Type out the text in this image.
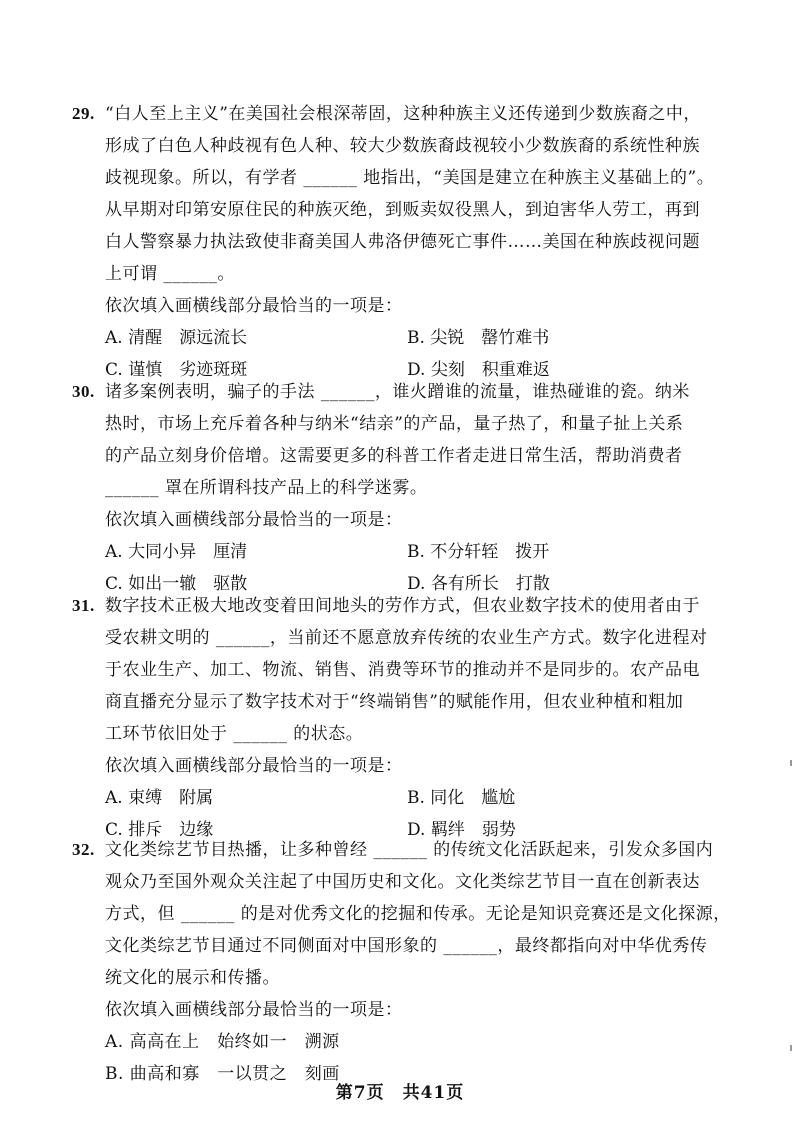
29. “白人至上主义”在美国社会根深蒂固，这种种族主义还传递到少数族裔之中，
形成了白色人种歧视有色人种、较大少数族裔歧视较小少数族裔的系统性种族
歧视现象。所以，有学者 ______ 地指出，“美国是建立在种族主义基础上的”。
从早期对印第安原住民的种族灭绝，到贩卖奴役黑人，到迫害华人劳工，再到
白人警察暴力执法致使非裔美国人弗洛伊德死亡事件……美国在种族歧视问题
上可谓 ______。
依次填入画横线部分最恰当的一项是：
A. 清醒　源远流长	B. 尖锐　罄竹难书
C. 谨慎　劣迹斑斑	D. 尖刻　积重难返
30. 诸多案例表明，骗子的手法 ______，谁火蹭谁的流量，谁热碰谁的瓷。纳米
热时，市场上充斥着各种与纳米“结亲”的产品，量子热了，和量子扯上关系
的产品立刻身价倍增。这需要更多的科普工作者走进日常生活，帮助消费者
______ 罩在所谓科技产品上的科学迷雾。
依次填入画横线部分最恰当的一项是：
A. 大同小异　厘清	B. 不分轩轾　拨开
C. 如出一辙　驱散	D. 各有所长　打散
31. 数字技术正极大地改变着田间地头的劳作方式，但农业数字技术的使用者由于
受农耕文明的 ______，当前还不愿意放弃传统的农业生产方式。数字化进程对
于农业生产、加工、物流、销售、消费等环节的推动并不是同步的。农产品电
商直播充分显示了数字技术对于“终端销售”的赋能作用，但农业种植和粗加
工环节依旧处于 ______ 的状态。
依次填入画横线部分最恰当的一项是：
A. 束缚　附属	B. 同化　尴尬
C. 排斥　边缘	D. 羁绊　弱势
32. 文化类综艺节目热播，让多种曾经 ______ 的传统文化活跃起来，引发众多国内
观众乃至国外观众关注起了中国历史和文化。文化类综艺节目一直在创新表达
方式，但 ______ 的是对优秀文化的挖掘和传承。无论是知识竞赛还是文化探源，
文化类综艺节目通过不同侧面对中国形象的 ______，最终都指向对中华优秀传
统文化的展示和传播。
依次填入画横线部分最恰当的一项是：
A. 高高在上　始终如一　溯源
B. 曲高和寡　一以贯之　刻画
第7页　共41页
